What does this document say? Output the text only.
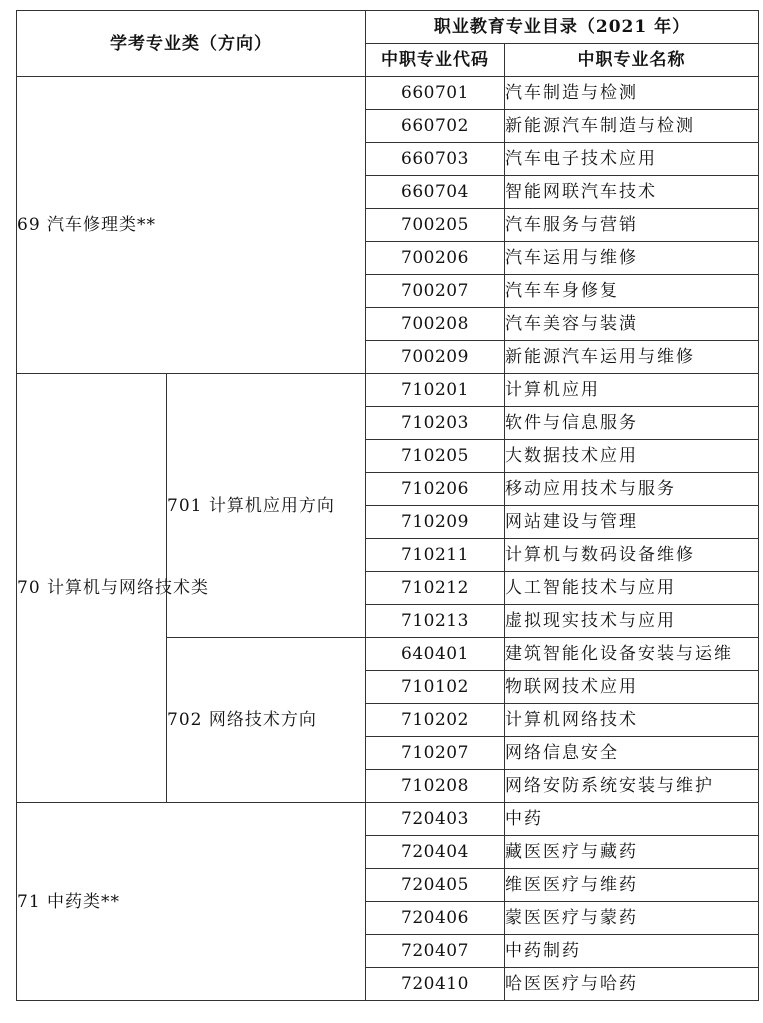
学考专业类（方向）		职业教育专业目录（2021 年）	
		中职专业代码	中职专业名称
69 汽车修理类**		660701	汽车制造与检测
		660702	新能源汽车制造与检测
		660703	汽车电子技术应用
		660704	智能网联汽车技术
		700205	汽车服务与营销
		700206	汽车运用与维修
		700207	汽车车身修复
		700208	汽车美容与装潢
		700209	新能源汽车运用与维修
70 计算机与网络技术类	701 计算机应用方向	710201	计算机应用
		710203	软件与信息服务
		710205	大数据技术应用
		710206	移动应用技术与服务
		710209	网站建设与管理
		710211	计算机与数码设备维修
		710212	人工智能技术与应用
		710213	虚拟现实技术与应用
	702 网络技术方向	640401	建筑智能化设备安装与运维
		710102	物联网技术应用
		710202	计算机网络技术
		710207	网络信息安全
		710208	网络安防系统安装与维护
71 中药类**		720403	中药
		720404	藏医医疗与藏药
		720405	维医医疗与维药
		720406	蒙医医疗与蒙药
		720407	中药制药
		720410	哈医医疗与哈药
